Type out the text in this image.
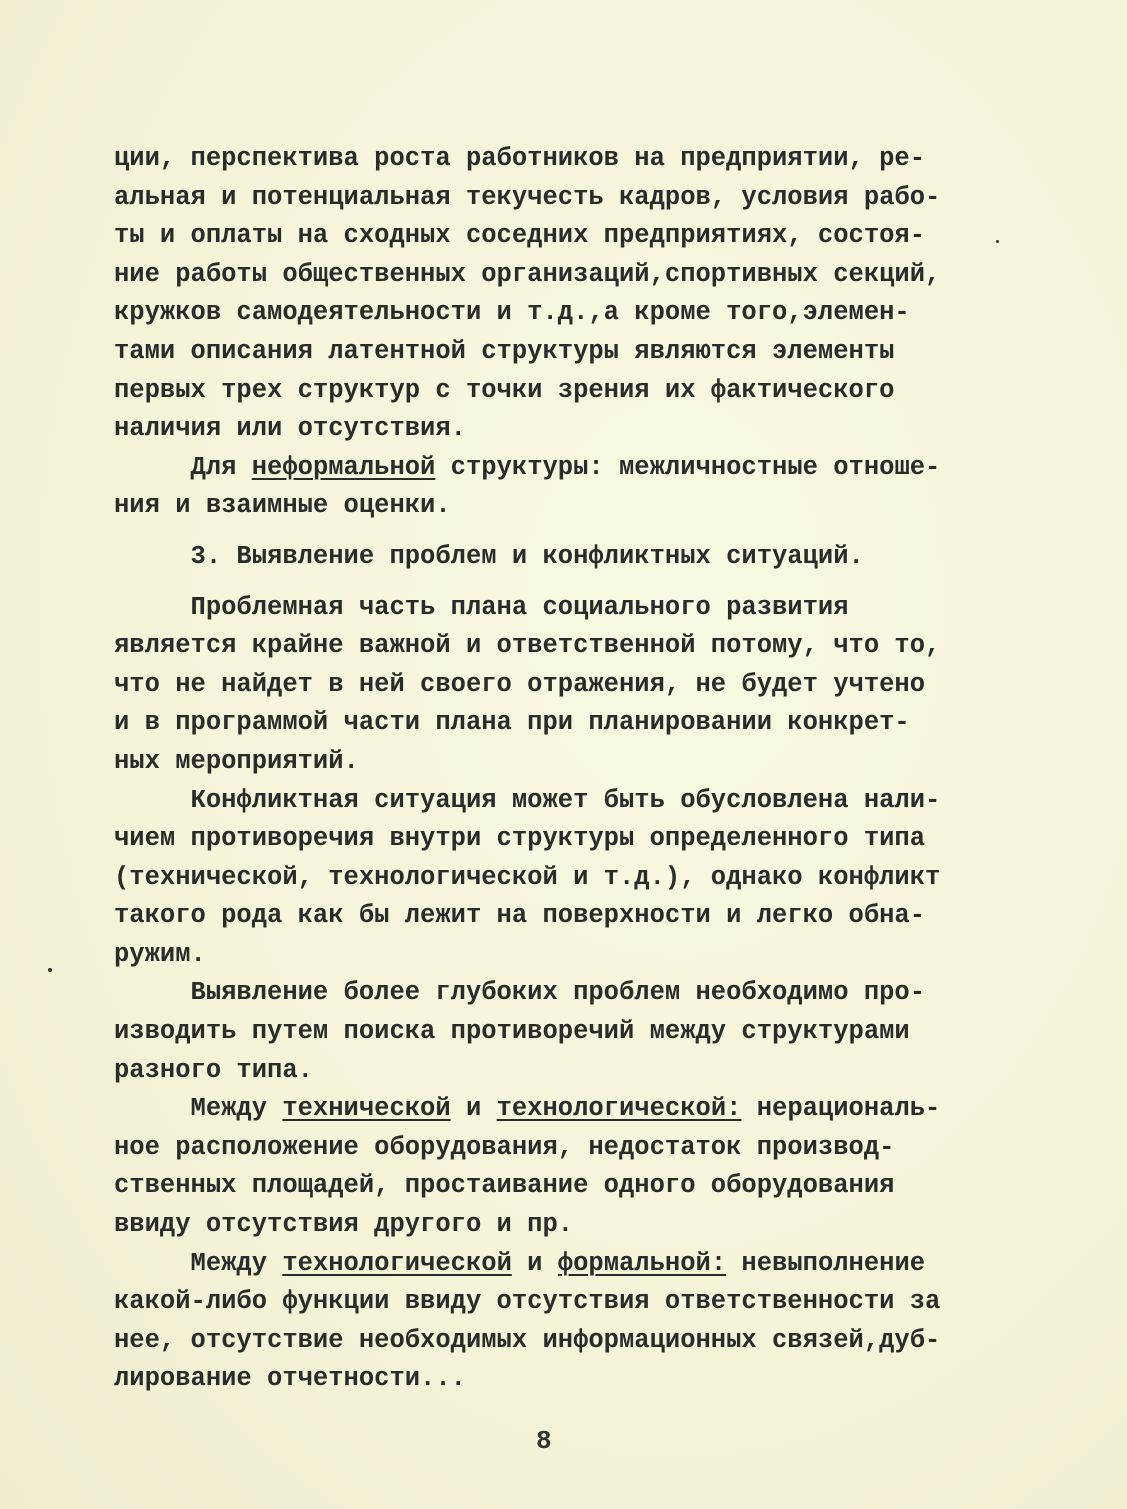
ции, перспектива роста работников на предприятии, ре-
альная и потенциальная текучесть кадров, условия рабо-
ты и оплаты на сходных соседних предприятиях, состоя-
ние работы общественных организаций,спортивных секций,
кружков самодеятельности и т.д.,а кроме того,элемен-
тами описания латентной структуры являются элементы
первых трех структур с точки зрения их фактического
наличия или отсутствия.
Для неформальной структуры: межличностные отноше-
ния и взаимные оценки.
3. Выявление проблем и конфликтных ситуаций.
Проблемная часть плана социального развития
является крайне важной и ответственной потому, что то,
что не найдет в ней своего отражения, не будет учтено
и в программой части плана при планировании конкрет-
ных мероприятий.
Конфликтная ситуация может быть обусловлена нали-
чием противоречия внутри структуры определенного типа
(технической, технологической и т.д.), однако конфликт
такого рода как бы лежит на поверхности и легко обна-
ружим.
Выявление более глубоких проблем необходимо про-
изводить путем поиска противоречий между структурами
разного типа.
Между технической и технологической: нерациональ-
ное расположение оборудования, недостаток производ-
ственных площадей, простаивание одного оборудования
ввиду отсутствия другого и пр.
Между технологической и формальной: невыполнение
какой-либо функции ввиду отсутствия ответственности за
нее, отсутствие необходимых информационных связей,дуб-
лирование отчетности...
8
